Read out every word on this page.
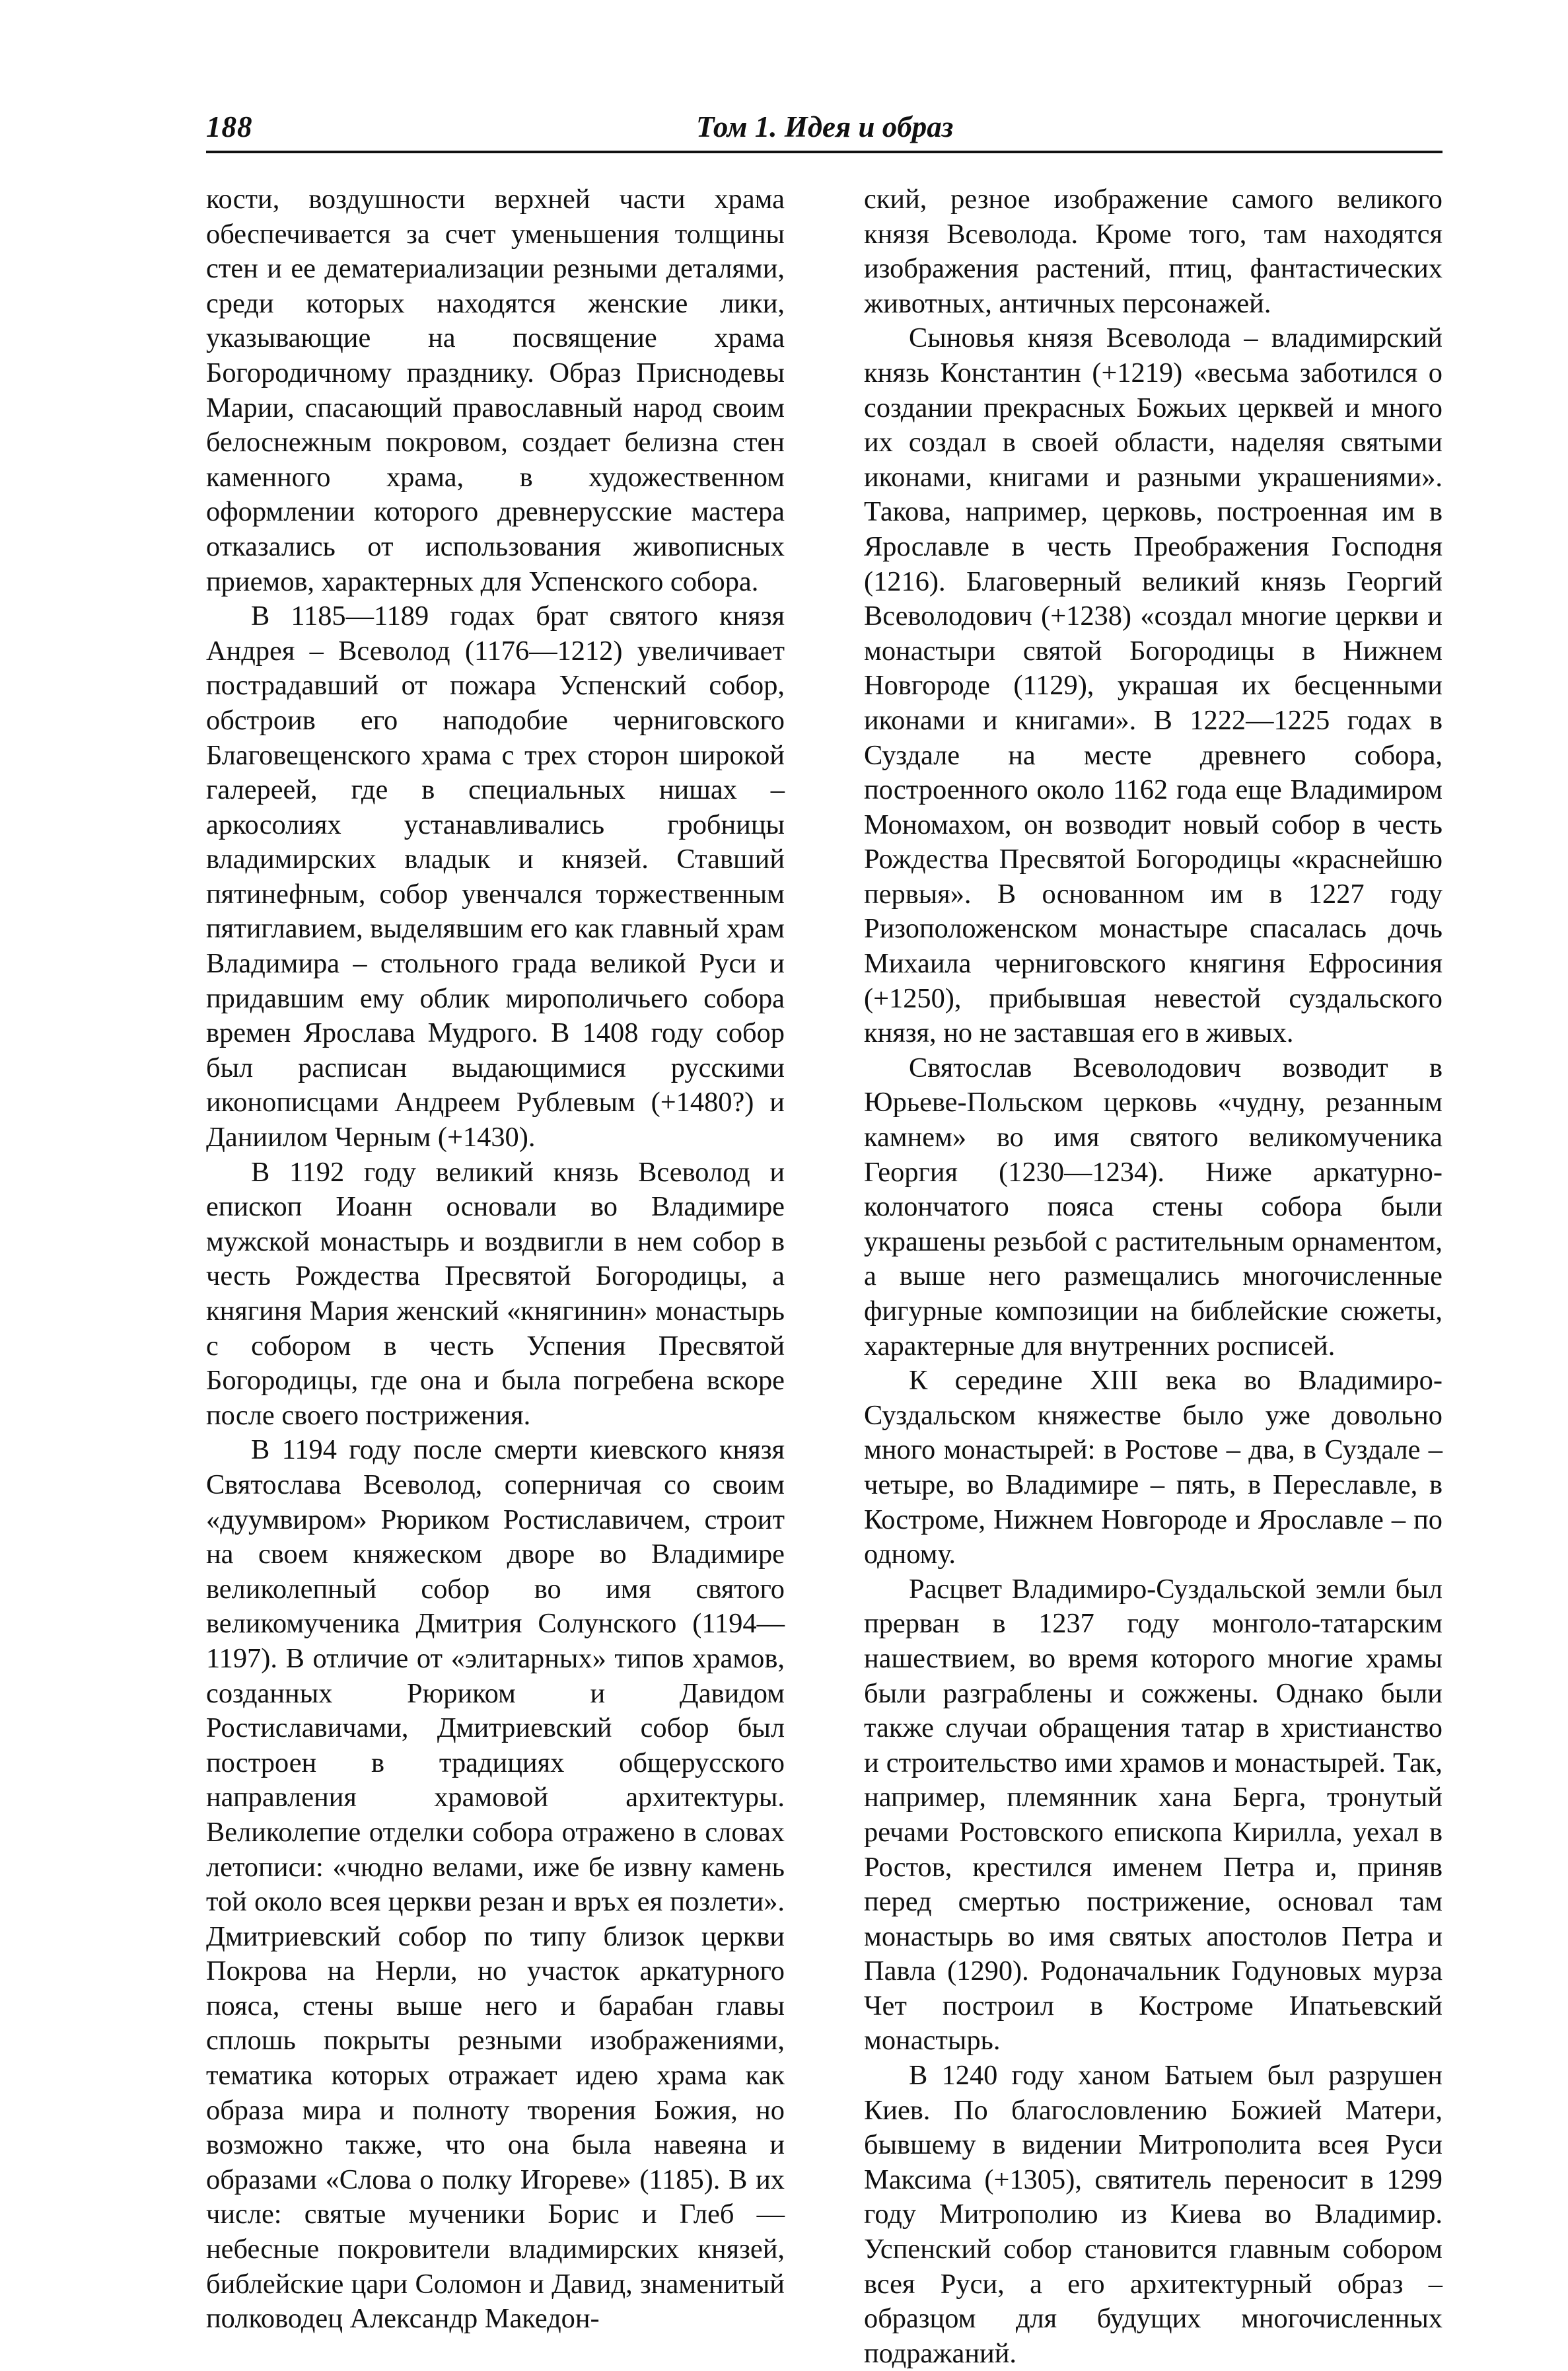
188	Том 1. Идея и образ

кости, воздушности верхней части храма обеспечивается за счет уменьшения толщины стен и ее дематериализации резными деталями, среди которых находятся женские лики, указывающие на посвящение храма Богородичному празднику. Образ Приснодевы Марии, спасающий православный народ своим белоснежным покровом, создает белизна стен каменного храма, в художественном оформлении которого древнерусские мастера отказались от использования живописных приемов, характерных для Успенского собора.

В 1185—1189 годах брат святого князя Андрея – Всеволод (1176—1212) увеличивает пострадавший от пожара Успенский собор, обстроив его наподобие черниговского Благовещенского храма с трех сторон широкой галереей, где в специальных нишах – аркосолиях устанавливались гробницы владимирских владык и князей. Ставший пятинефным, собор увенчался торжественным пятиглавием, выделявшим его как главный храм Владимира – стольного града великой Руси и придавшим ему облик мирополичьего собора времен Ярослава Мудрого. В 1408 году собор был расписан выдающимися русскими иконописцами Андреем Рублевым (+1480?) и Даниилом Черным (+1430).

В 1192 году великий князь Всеволод и епископ Иоанн основали во Владимире мужской монастырь и воздвигли в нем собор в честь Рождества Пресвятой Богородицы, а княгиня Мария женский «княгинин» монастырь с собором в честь Успения Пресвятой Богородицы, где она и была погребена вскоре после своего пострижения.

В 1194 году после смерти киевского князя Святослава Всеволод, соперничая со своим «дуумвиром» Рюриком Ростиславичем, строит на своем княжеском дворе во Владимире великолепный собор во имя святого великомученика Дмитрия Солунского (1194—1197). В отличие от «элитарных» типов храмов, созданных Рюриком и Давидом Ростиславичами, Дмитриевский собор был построен в традициях общерусского направления храмовой архитектуры. Великолепие отделки собора отражено в словах летописи: «чюдно велами, иже бе извну камень той около всея церкви резан и връх ея позлети». Дмитриевский собор по типу близок церкви Покрова на Нерли, но участок аркатурного пояса, стены выше него и барабан главы сплошь покрыты резными изображениями, тематика которых отражает идею храма как образа мира и полноту творения Божия, но возможно также, что она была навеяна и образами «Слова о полку Игореве» (1185). В их числе: святые мученики Борис и Глеб — небесные покровители владимирских князей, библейские цари Соломон и Давид, знаменитый полководец Александр Македон-

ский, резное изображение самого великого князя Всеволода. Кроме того, там находятся изображения растений, птиц, фантастических животных, античных персонажей.

Сыновья князя Всеволода – владимирский князь Константин (+1219) «весьма заботился о создании прекрасных Божьих церквей и много их создал в своей области, наделяя святыми иконами, книгами и разными украшениями». Такова, например, церковь, построенная им в Ярославле в честь Преображения Господня (1216). Благоверный великий князь Георгий Всеволодович (+1238) «создал многие церкви и монастыри святой Богородицы в Нижнем Новгороде (1129), украшая их бесценными иконами и книгами». В 1222—1225 годах в Суздале на месте древнего собора, построенного около 1162 года еще Владимиром Мономахом, он возводит новый собор в честь Рождества Пресвятой Богородицы «краснейшю первыя». В основанном им в 1227 году Ризоположенском монастыре спасалась дочь Михаила черниговского княгиня Ефросиния (+1250), прибывшая невестой суздальского князя, но не заставшая его в живых.

Святослав Всеволодович возводит в Юрьеве-Польском церковь «чудну, резанным камнем» во имя святого великомученика Георгия (1230—1234). Ниже аркатурно-колончатого пояса стены собора были украшены резьбой с растительным орнаментом, а выше него размещались многочисленные фигурные композиции на библейские сюжеты, характерные для внутренних росписей.

К середине XIII века во Владимиро-Суздальском княжестве было уже довольно много монастырей: в Ростове – два, в Суздале – четыре, во Владимире – пять, в Переславле, в Костроме, Нижнем Новгороде и Ярославле – по одному.

Расцвет Владимиро-Суздальской земли был прерван в 1237 году монголо-татарским нашествием, во время которого многие храмы были разграблены и сожжены. Однако были также случаи обращения татар в христианство и строительство ими храмов и монастырей. Так, например, племянник хана Берга, тронутый речами Ростовского епископа Кирилла, уехал в Ростов, крестился именем Петра и, приняв перед смертью пострижение, основал там монастырь во имя святых апостолов Петра и Павла (1290). Родоначальник Годуновых мурза Чет построил в Костроме Ипатьевский монастырь.

В 1240 году ханом Батыем был разрушен Киев. По благословлению Божией Матери, бывшему в видении Митрополита всея Руси Максима (+1305), святитель переносит в 1299 году Митрополию из Киева во Владимир. Успенский собор становится главным собором всея Руси, а его архитектурный образ – образцом для будущих многочисленных подражаний.
